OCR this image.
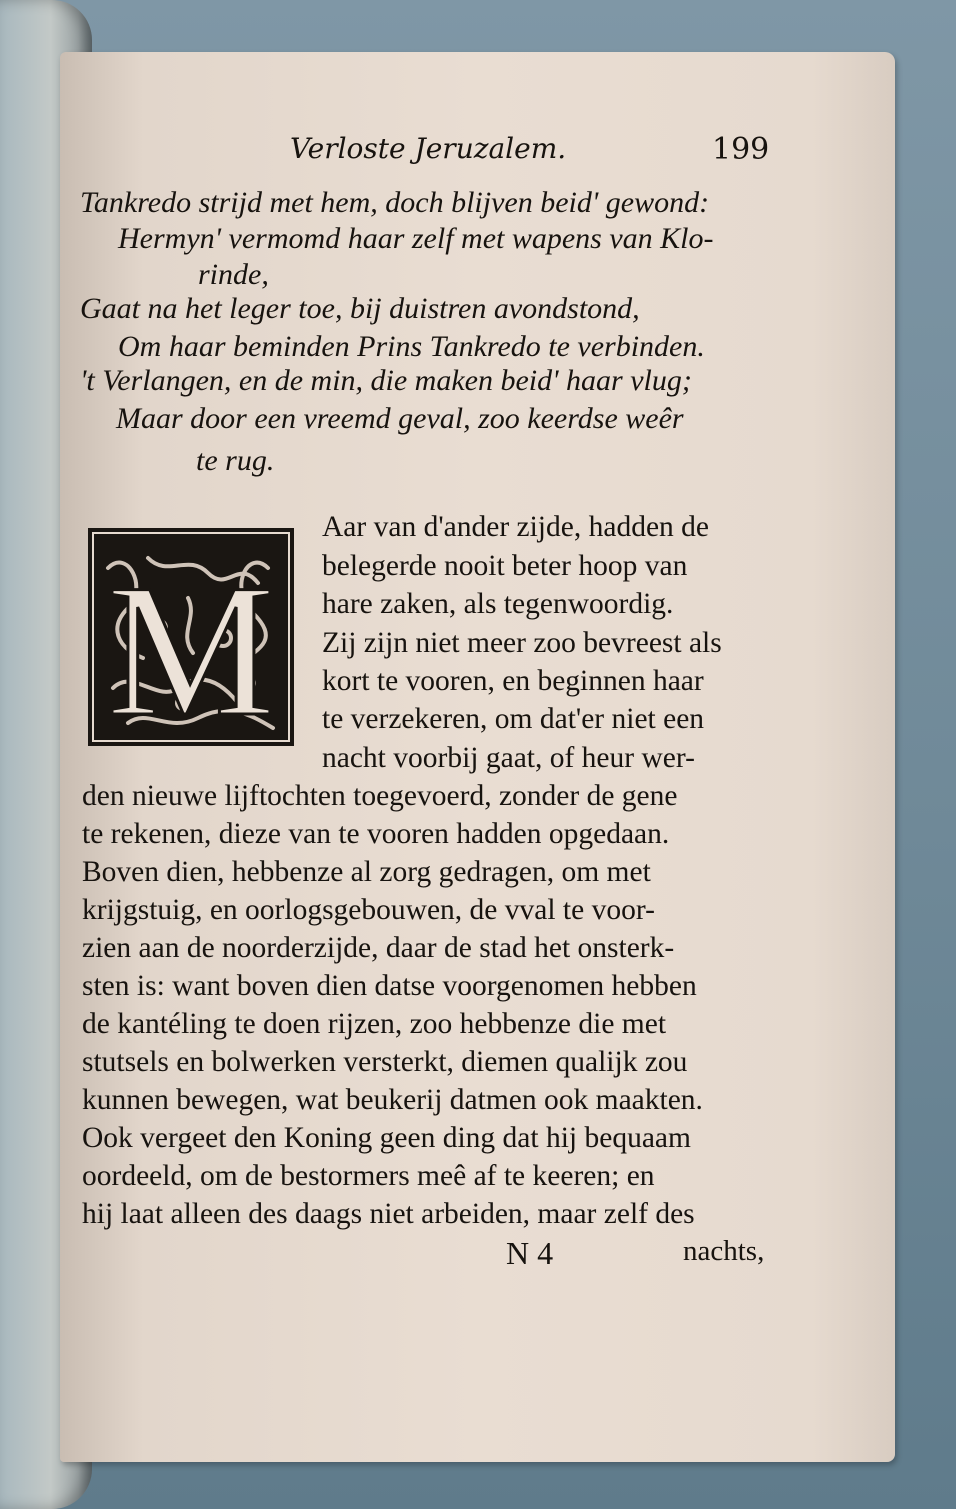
Verloste Jeruzalem.	199
Tankredo strijd met hem, doch blijven beid' gewond:
Hermyn' vermomd haar zelf met wapens van Klo-
rinde,
Gaat na het leger toe, bij duistren avondstond,
Om haar beminden Prins Tankredo te verbinden.
't Verlangen, en de min, die maken beid' haar vlug;
Maar door een vreemd geval, zoo keerdse weêr
te rug.
M
Aar van d'ander zijde, hadden de
belegerde nooit beter hoop van
hare zaken, als tegenwoordig.
Zij zijn niet meer zoo bevreest als
kort te vooren, en beginnen haar
te verzekeren, om dat'er niet een
nacht voorbij gaat, of heur wer-
den nieuwe lijftochten toegevoerd, zonder de gene
te rekenen, dieze van te vooren hadden opgedaan.
Boven dien, hebbenze al zorg gedragen, om met
krijgstuig, en oorlogsgebouwen, de vval te voor-
zien aan de noorderzijde, daar de stad het onsterk-
sten is: want boven dien datse voorgenomen hebben
de kantéling te doen rijzen, zoo hebbenze die met
stutsels en bolwerken versterkt, diemen qualijk zou
kunnen bewegen, wat beukerij datmen ook maakten.
Ook vergeet den Koning geen ding dat hij bequaam
oordeeld, om de bestormers meê af te keeren; en
hij laat alleen des daags niet arbeiden, maar zelf des
N 4	nachts,
